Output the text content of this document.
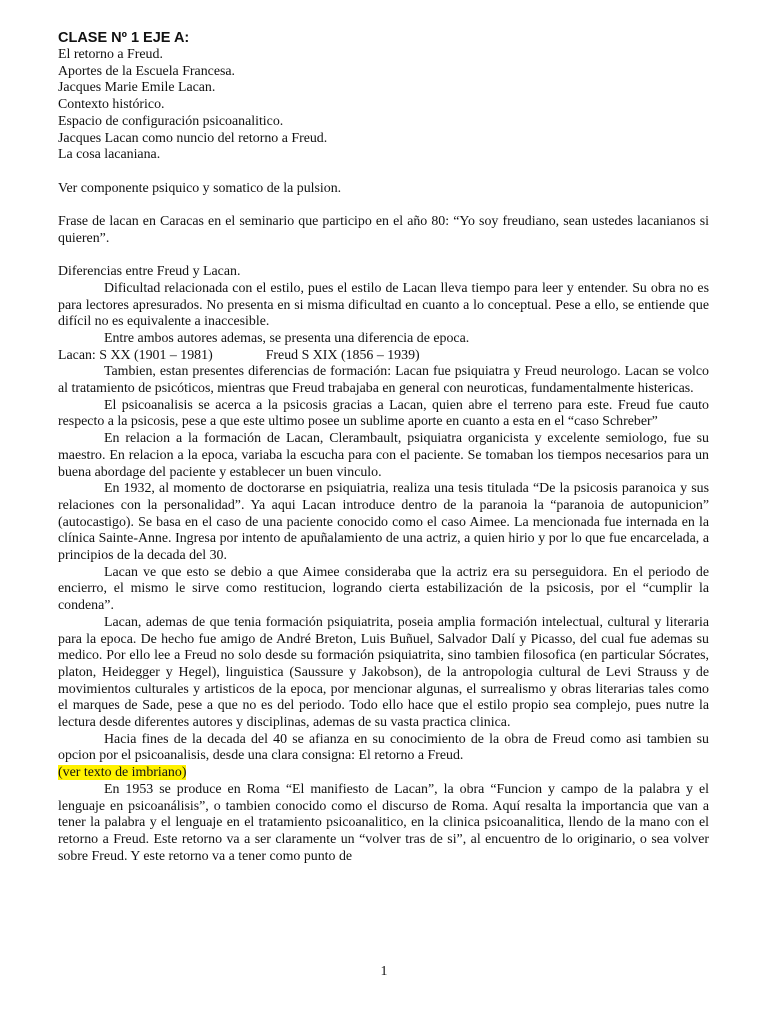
CLASE Nº 1 EJE A:
El retorno a Freud.
Aportes de la Escuela Francesa.
Jacques Marie Emile Lacan.
Contexto histórico.
Espacio de configuración psicoanalitico.
Jacques Lacan como nuncio del retorno a Freud.
La cosa lacaniana.
Ver componente psiquico y somatico de la pulsion.

Frase de lacan en Caracas en el seminario que participo en el año 80: “Yo soy freudiano, sean ustedes lacanianos si quieren”.

Diferencias entre Freud y Lacan.

Dificultad relacionada con el estilo, pues el estilo de Lacan lleva tiempo para leer y entender. Su obra no es para lectores apresurados. No presenta en si misma dificultad en cuanto a lo conceptual. Pese a ello, se entiende que difícil no es equivalente a inaccesible.

Entre ambos autores ademas, se presenta una diferencia de epoca.

Lacan: S XX (1901 – 1981)	Freud S XIX (1856 – 1939)

Tambien, estan presentes diferencias de formación: Lacan fue psiquiatra y Freud neurologo. Lacan se volco al tratamiento de psicóticos, mientras que Freud trabajaba en general con neuroticas, fundamentalmente histericas.

El psicoanalisis se acerca a la psicosis gracias a Lacan, quien abre el terreno para este. Freud fue cauto respecto a la psicosis, pese a que este ultimo posee un sublime aporte en cuanto a esta en el “caso Schreber”

En relacion a la formación de Lacan, Clerambault, psiquiatra organicista y excelente semiologo, fue su maestro. En relacion a la epoca, variaba la escucha para con el paciente. Se tomaban los tiempos necesarios para un buena abordage del paciente y establecer un buen vinculo.

En 1932, al momento de doctorarse en psiquiatria, realiza una tesis titulada “De la psicosis paranoica y sus relaciones con la personalidad”. Ya aqui Lacan introduce dentro de la paranoia la “paranoia de autopunicion” (autocastigo). Se basa en el caso de una paciente conocido como el caso Aimee. La mencionada fue internada en la clínica Sainte-Anne. Ingresa por intento de apuñalamiento de una actriz, a quien hirio y por lo que fue encarcelada, a principios de la decada del 30.

Lacan ve que esto se debio a que Aimee consideraba que la actriz era su perseguidora. En el periodo de encierro, el mismo le sirve como restitucion, logrando cierta estabilización de la psicosis, por el “cumplir la condena”.

Lacan, ademas de que tenia formación psiquiatrita, poseia amplia formación intelectual, cultural y literaria para la epoca. De hecho fue amigo de André Breton, Luis Buñuel, Salvador Dalí y Picasso, del cual fue ademas su medico. Por ello lee a Freud no solo desde su formación psiquiatrita, sino tambien filosofica (en particular Sócrates, platon, Heidegger y Hegel), linguistica (Saussure y Jakobson), de la antropologia cultural de Levi Strauss y de movimientos culturales y artisticos de la epoca, por mencionar algunas, el surrealismo y obras literarias tales como el marques de Sade, pese a que no es del periodo. Todo ello hace que el estilo propio sea complejo, pues nutre la lectura desde diferentes autores y disciplinas, ademas de su vasta practica clinica.

Hacia fines de la decada del 40 se afianza en su conocimiento de la obra de Freud como asi tambien su opcion por el psicoanalisis, desde una clara consigna: El retorno a Freud.

(ver texto de imbriano)

En 1953 se produce en Roma “El manifiesto de Lacan”, la obra “Funcion y campo de la palabra y el lenguaje en psicoanálisis”, o tambien conocido como el discurso de Roma. Aquí resalta la importancia que van a tener la palabra y el lenguaje en el tratamiento psicoanalitico, en la clinica psicoanalitica, llendo de la mano con el retorno a Freud. Este retorno va a ser claramente un “volver tras de si”, al encuentro de lo originario, o sea volver sobre Freud. Y este retorno va a tener como punto de

1
